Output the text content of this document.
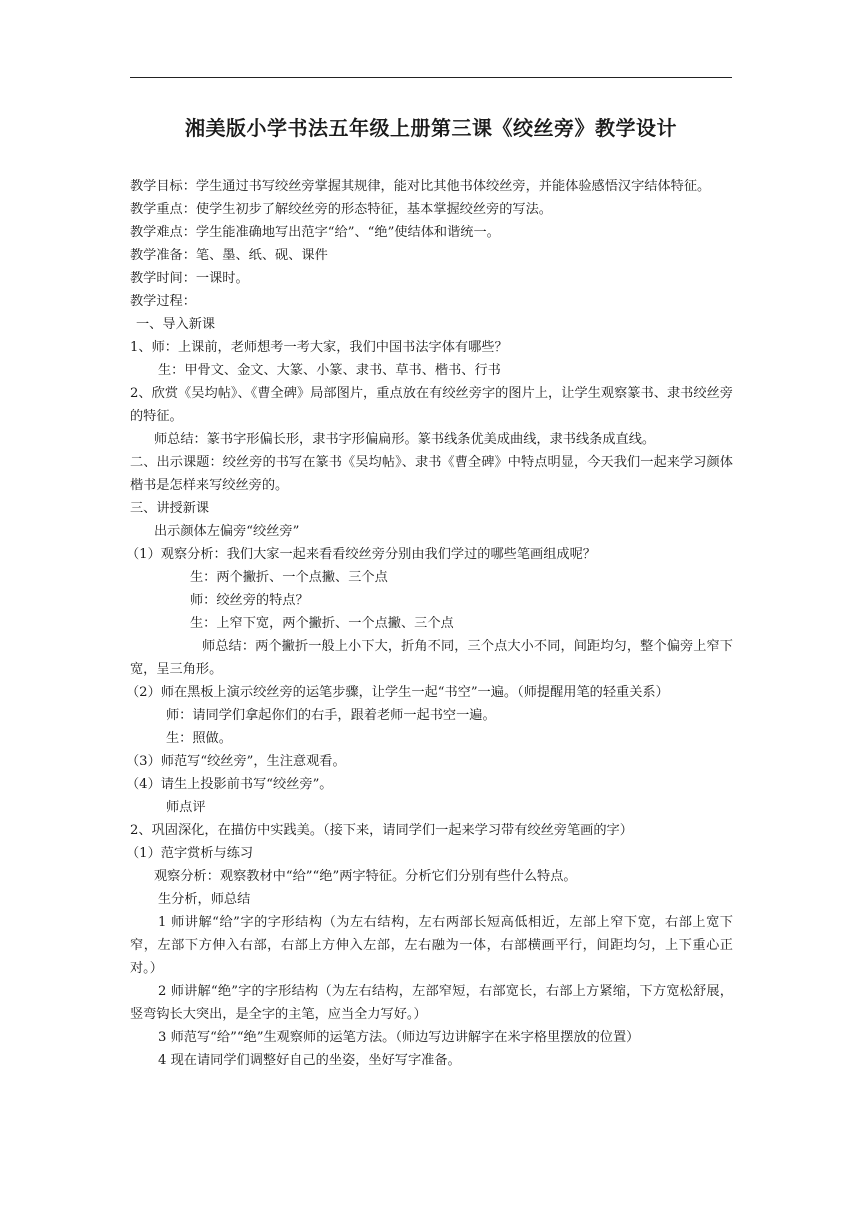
湘美版小学书法五年级上册第三课《绞丝旁》教学设计

教学目标：学生通过书写绞丝旁掌握其规律，能对比其他书体绞丝旁，并能体验感悟汉字结体特征。

教学重点：使学生初步了解绞丝旁的形态特征，基本掌握绞丝旁的写法。

教学难点：学生能准确地写出范字“给”、“绝”使结体和谐统一。

教学准备：笔、墨、纸、砚、课件

教学时间：一课时。

教学过程：

一、导入新课

1、师：上课前，老师想考一考大家，我们中国书法字体有哪些？

生：甲骨文、金文、大篆、小篆、隶书、草书、楷书、行书

2、欣赏《吴均帖》、《曹全碑》局部图片，重点放在有绞丝旁字的图片上，让学生观察篆书、隶书绞丝旁的特征。

师总结：篆书字形偏长形，隶书字形偏扁形。篆书线条优美成曲线，隶书线条成直线。

二、出示课题：绞丝旁的书写在篆书《吴均帖》、隶书《曹全碑》中特点明显，今天我们一起来学习颜体楷书是怎样来写绞丝旁的。

三、讲授新课

出示颜体左偏旁“绞丝旁”

（1）观察分析：我们大家一起来看看绞丝旁分别由我们学过的哪些笔画组成呢？

生：两个撇折、一个点撇、三个点

师：绞丝旁的特点？

生：上窄下宽，两个撇折、一个点撇、三个点

师总结：两个撇折一般上小下大，折角不同，三个点大小不同，间距均匀，整个偏旁上窄下宽，呈三角形。

（2）师在黑板上演示绞丝旁的运笔步骤，让学生一起“书空”一遍。（师提醒用笔的轻重关系）

师：请同学们拿起你们的右手，跟着老师一起书空一遍。

生：照做。

（3）师范写“绞丝旁”，生注意观看。

（4）请生上投影前书写“绞丝旁”。

师点评

2、巩固深化，在描仿中实践美。（接下来，请同学们一起来学习带有绞丝旁笔画的字）

（1）范字赏析与练习

观察分析：观察教材中“给”“绝”两字特征。分析它们分别有些什么特点。

生分析，师总结

1 师讲解“给”字的字形结构（为左右结构，左右两部长短高低相近，左部上窄下宽，右部上宽下窄，左部下方伸入右部，右部上方伸入左部，左右融为一体，右部横画平行，间距均匀，上下重心正对。）

2 师讲解“绝”字的字形结构（为左右结构，左部窄短，右部宽长，右部上方紧缩，下方宽松舒展，竖弯钩长大突出，是全字的主笔，应当全力写好。）

3 师范写“给”“绝”生观察师的运笔方法。（师边写边讲解字在米字格里摆放的位置）

4 现在请同学们调整好自己的坐姿，坐好写字准备。
